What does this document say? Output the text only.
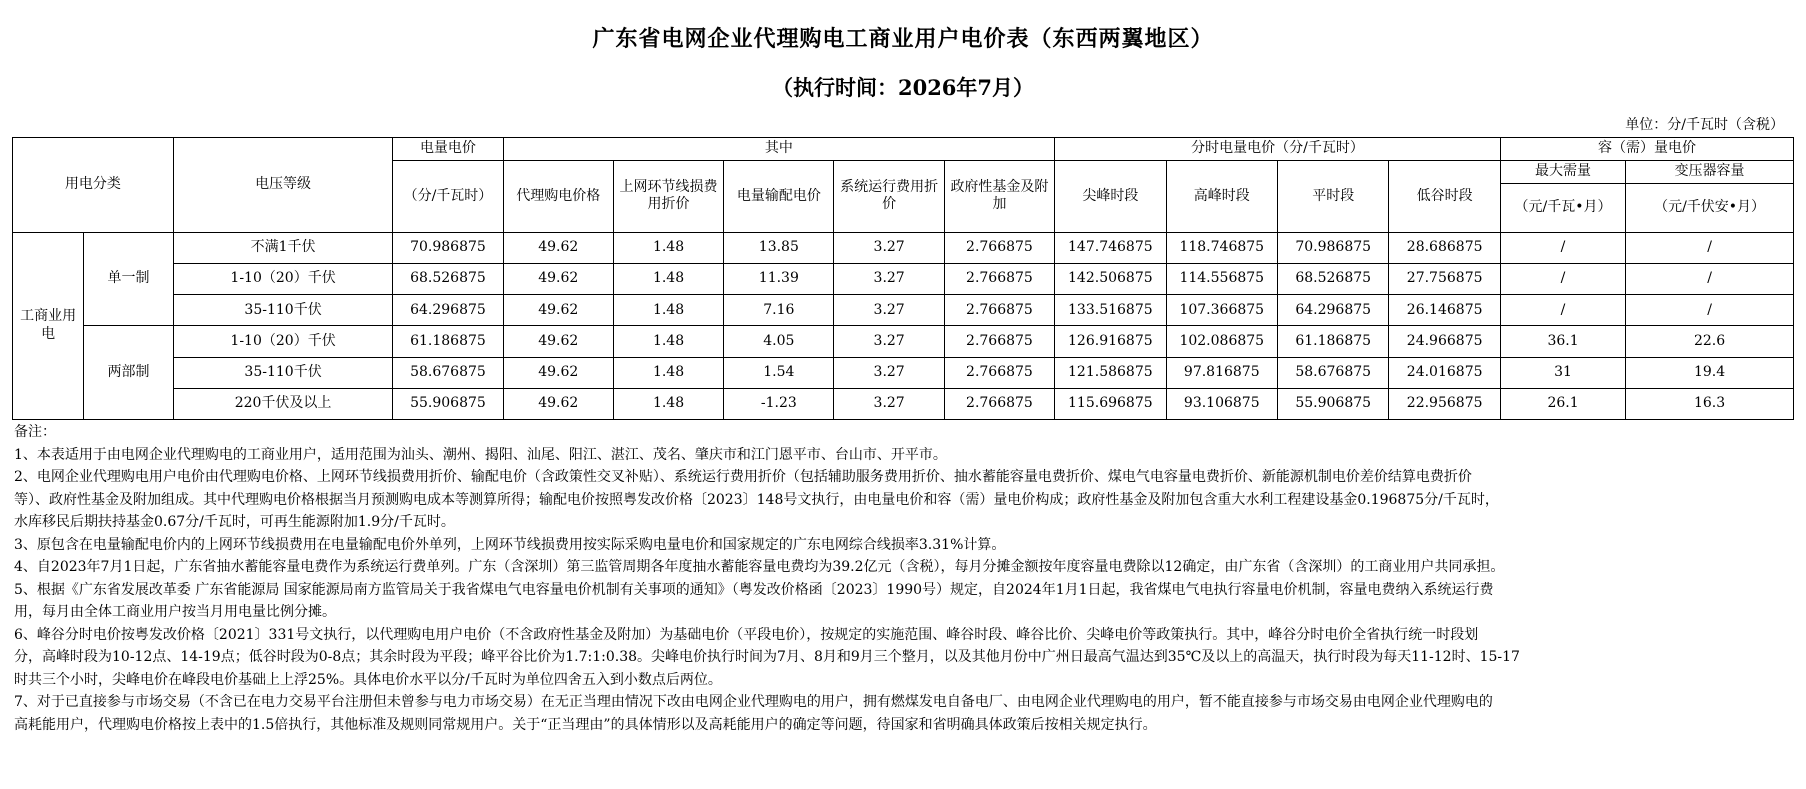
广东省电网企业代理购电工商业用户电价表（东西两翼地区）
（执行时间：2026年7月）
单位：分/千瓦时（含税）
用电分类		电压等级	电量电价	其中					分时电量电价（分/千瓦时）				容（需）量电价	
			（分/千瓦时）	代理购电价格	上网环节线损费用折价	电量输配电价	系统运行费用折价	政府性基金及附加	尖峰时段	高峰时段	平时段	低谷时段	最大需量	变压器容量
													（元/千瓦•月）	（元/千伏安•月）
工商业用电	单一制	不满1千伏	70.986875	49.62	1.48	13.85	3.27	2.766875	147.746875	118.746875	70.986875	28.686875	/	/
		1-10（20）千伏	68.526875	49.62	1.48	11.39	3.27	2.766875	142.506875	114.556875	68.526875	27.756875	/	/
		35-110千伏	64.296875	49.62	1.48	7.16	3.27	2.766875	133.516875	107.366875	64.296875	26.146875	/	/
	两部制	1-10（20）千伏	61.186875	49.62	1.48	4.05	3.27	2.766875	126.916875	102.086875	61.186875	24.966875	36.1	22.6
		35-110千伏	58.676875	49.62	1.48	1.54	3.27	2.766875	121.586875	97.816875	58.676875	24.016875	31	19.4
		220千伏及以上	55.906875	49.62	1.48	-1.23	3.27	2.766875	115.696875	93.106875	55.906875	22.956875	26.1	16.3
备注：
1、本表适用于由电网企业代理购电的工商业用户，适用范围为汕头、潮州、揭阳、汕尾、阳江、湛江、茂名、肇庆市和江门恩平市、台山市、开平市。
2、电网企业代理购电用户电价由代理购电价格、上网环节线损费用折价、输配电价（含政策性交叉补贴）、系统运行费用折价（包括辅助服务费用折价、抽水蓄能容量电费折价、煤电气电容量电费折价、新能源机制电价差价结算电费折价
等）、政府性基金及附加组成。其中代理购电价格根据当月预测购电成本等测算所得；输配电价按照粤发改价格〔2023〕148号文执行，由电量电价和容（需）量电价构成；政府性基金及附加包含重大水利工程建设基金0.196875分/千瓦时，
水库移民后期扶持基金0.67分/千瓦时，可再生能源附加1.9分/千瓦时。
3、原包含在电量输配电价内的上网环节线损费用在电量输配电价外单列，上网环节线损费用按实际采购电量电价和国家规定的广东电网综合线损率3.31%计算。
4、自2023年7月1日起，广东省抽水蓄能容量电费作为系统运行费单列。广东（含深圳）第三监管周期各年度抽水蓄能容量电费均为39.2亿元（含税），每月分摊金额按年度容量电费除以12确定，由广东省（含深圳）的工商业用户共同承担。
5、根据《广东省发展改革委 广东省能源局 国家能源局南方监管局关于我省煤电气电容量电价机制有关事项的通知》（粤发改价格函〔2023〕1990号）规定，自2024年1月1日起，我省煤电气电执行容量电价机制，容量电费纳入系统运行费
用，每月由全体工商业用户按当月用电量比例分摊。
6、峰谷分时电价按粤发改价格〔2021〕331号文执行，以代理购电用户电价（不含政府性基金及附加）为基础电价（平段电价），按规定的实施范围、峰谷时段、峰谷比价、尖峰电价等政策执行。其中，峰谷分时电价全省执行统一时段划
分，高峰时段为10-12点、14-19点；低谷时段为0-8点；其余时段为平段；峰平谷比价为1.7:1:0.38。尖峰电价执行时间为7月、8月和9月三个整月，以及其他月份中广州日最高气温达到35℃及以上的高温天，执行时段为每天11-12时、15-17
时共三个小时，尖峰电价在峰段电价基础上上浮25%。具体电价水平以分/千瓦时为单位四舍五入到小数点后两位。
7、对于已直接参与市场交易（不含已在电力交易平台注册但未曾参与电力市场交易）在无正当理由情况下改由电网企业代理购电的用户，拥有燃煤发电自备电厂、由电网企业代理购电的用户，暂不能直接参与市场交易由电网企业代理购电的
高耗能用户，代理购电价格按上表中的1.5倍执行，其他标准及规则同常规用户。关于“正当理由”的具体情形以及高耗能用户的确定等问题，待国家和省明确具体政策后按相关规定执行。
